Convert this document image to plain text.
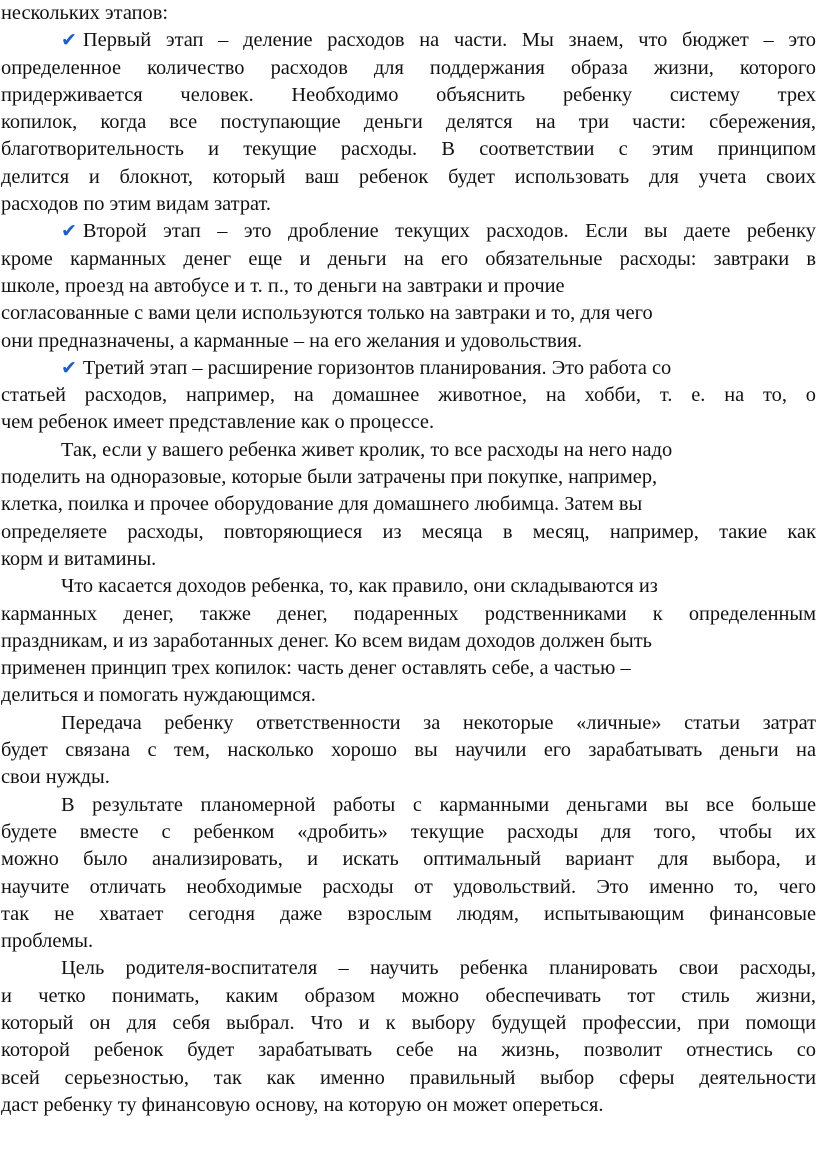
нескольких этапов:
✔ Первый этап – деление расходов на части. Мы знаем, что бюджет – это
определенное количество расходов для поддержания образа жизни, которого
придерживается человек. Необходимо объяснить ребенку систему трех
копилок, когда все поступающие деньги делятся на три части: сбережения,
благотворительность и текущие расходы. В соответствии с этим принципом
делится и блокнот, который ваш ребенок будет использовать для учета своих
расходов по этим видам затрат.
✔ Второй этап – это дробление текущих расходов. Если вы даете ребенку
кроме карманных денег еще и деньги на его обязательные расходы: завтраки в
школе, проезд на автобусе и т. п., то деньги на завтраки и прочие
согласованные с вами цели используются только на завтраки и то, для чего
они предназначены, а карманные – на его желания и удовольствия.
✔ Третий этап – расширение горизонтов планирования. Это работа со
статьей расходов, например, на домашнее животное, на хобби, т. е. на то, о
чем ребенок имеет представление как о процессе.
Так, если у вашего ребенка живет кролик, то все расходы на него надо
поделить на одноразовые, которые были затрачены при покупке, например,
клетка, поилка и прочее оборудование для домашнего любимца. Затем вы
определяете расходы, повторяющиеся из месяца в месяц, например, такие как
корм и витамины.
Что касается доходов ребенка, то, как правило, они складываются из
карманных денег, также денег, подаренных родственниками к определенным
праздникам, и из заработанных денег. Ко всем видам доходов должен быть
применен принцип трех копилок: часть денег оставлять себе, а частью –
делиться и помогать нуждающимся.
Передача ребенку ответственности за некоторые «личные» статьи затрат
будет связана с тем, насколько хорошо вы научили его зарабатывать деньги на
свои нужды.
В результате планомерной работы с карманными деньгами вы все больше
будете вместе с ребенком «дробить» текущие расходы для того, чтобы их
можно было анализировать, и искать оптимальный вариант для выбора, и
научите отличать необходимые расходы от удовольствий. Это именно то, чего
так не хватает сегодня даже взрослым людям, испытывающим финансовые
проблемы.
Цель родителя-воспитателя – научить ребенка планировать свои расходы,
и четко понимать, каким образом можно обеспечивать тот стиль жизни,
который он для себя выбрал. Что и к выбору будущей профессии, при помощи
которой ребенок будет зарабатывать себе на жизнь, позволит отнестись со
всей серьезностью, так как именно правильный выбор сферы деятельности
даст ребенку ту финансовую основу, на которую он может опереться.
